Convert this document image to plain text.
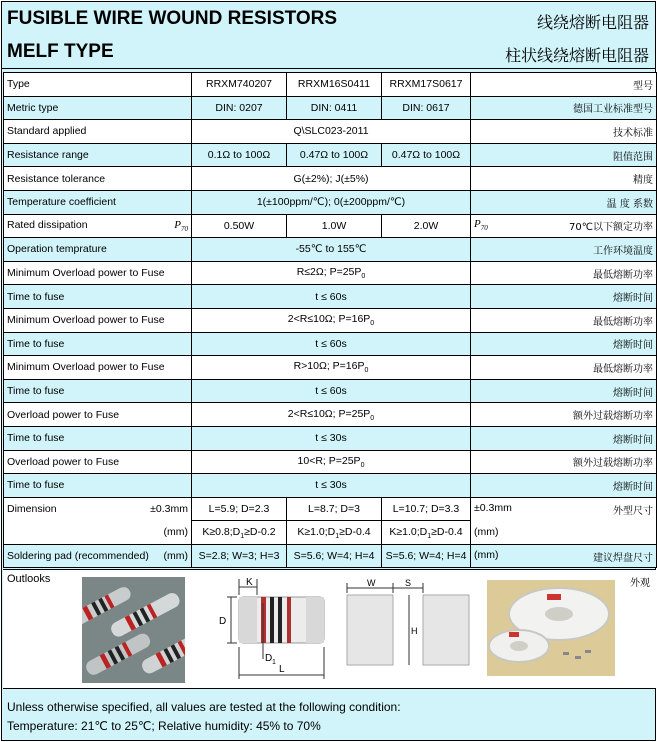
FUSIBLE WIRE WOUND RESISTORS	线绕熔断电阻器
MELF TYPE	柱状线绕熔断电阻器
Type	RRXM740207	RRXM16S0411	RRXM17S0617	型号
Metric type	DIN: 0207	DIN: 0411	DIN: 0617	德国工业标准型号
Standard applied	Q\SLC023-2011			技术标准
Resistance range	0.1Ω to 100Ω	0.47Ω to 100Ω	0.47Ω to 100Ω	阻值范围
Resistance tolerance	G(±2%); J(±5%)			精度
Temperature coefficient	1(±100ppm/℃); 0(±200ppm/℃)			温 度 系数

Rated dissipation $P_{70}$	0.50W	1.0W	2.0W	$P_{70}$ 70℃以下额定功率

Operation temprature	-55℃ to 155℃			工作环境温度
Minimum Overload power to Fuse	R≤2Ω; $P=25P_0$			最低熔断功率
Time to fuse	t ≤ 60s			熔断时间
Minimum Overload power to Fuse	2<R≤10Ω; $P=16P_0$			最低熔断功率
Time to fuse	t ≤ 60s			熔断时间
Minimum Overload power to Fuse	R>10Ω; $P=16P_0$			最低熔断功率
Time to fuse	t ≤ 60s			熔断时间
Overload power to Fuse	2<R≤10Ω; $P=25P_0$			额外过载熔断功率
Time to fuse	t ≤ 30s			熔断时间
Overload power to Fuse	10<R; $P=25P_0$			额外过载熔断功率
Time to fuse	t ≤ 30s			熔断时间

Dimension ±0.3mm	L=5.9; D=2.3	L=8.7; D=3	L=10.7; D=3.3	±0.3mm 外型尺寸

(mm)	$K\ge 0.8;D_1\ge D-0.2$	$K\ge 1.0;D_1\ge D-0.4$	$K\ge 1.0;D_1\ge D-0.4$	(mm)

Soldering pad (recommended) (mm)	S=2.8; W=3; H=3	S=5.6; W=4; H=4	S=5.6; W=4; H=4	(mm) 建议焊盘尺寸
Outlooks	外观
K
D
D 1
L
W	S
H
Unless otherwise specified, all values are tested at the following condition:
Temperature: 21℃ to 25℃; Relative humidity: 45% to 70%
